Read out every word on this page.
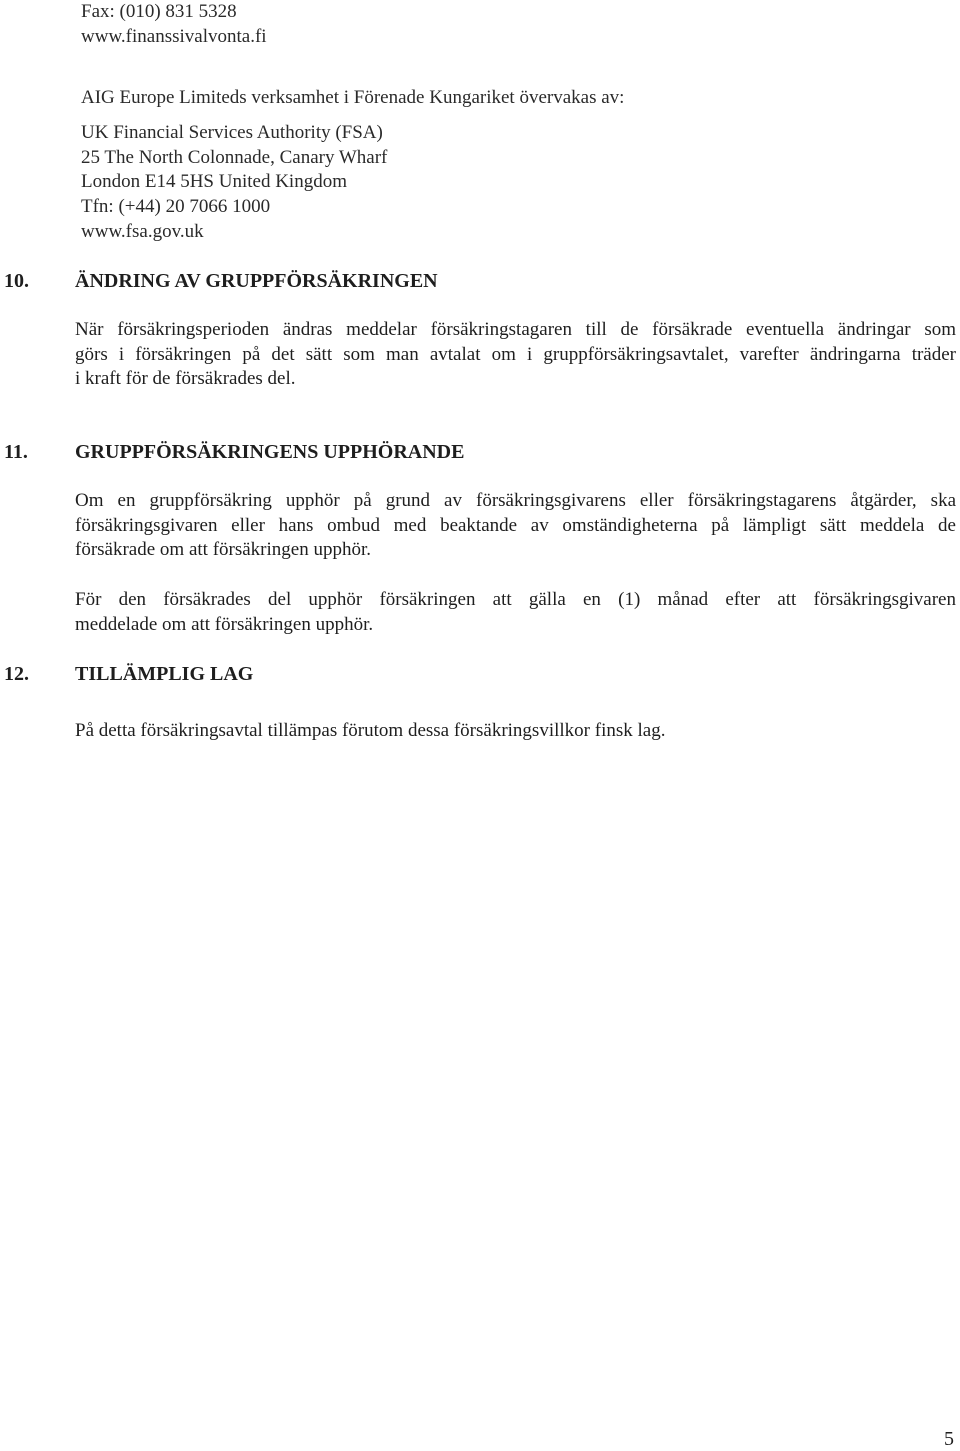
Fax: (010) 831 5328
www.finanssivalvonta.fi
AIG Europe Limiteds verksamhet i Förenade Kungariket övervakas av:
UK Financial Services Authority (FSA)
25 The North Colonnade, Canary Wharf
London E14 5HS United Kingdom
Tfn: (+44) 20 7066 1000
www.fsa.gov.uk
10. ÄNDRING AV GRUPPFÖRSÄKRINGEN
När försäkringsperioden ändras meddelar försäkringstagaren till de försäkrade eventuella ändringar som
görs i försäkringen på det sätt som man avtalat om i gruppförsäkringsavtalet, varefter ändringarna träder
i kraft för de försäkrades del.
11. GRUPPFÖRSÄKRINGENS UPPHÖRANDE
Om en gruppförsäkring upphör på grund av försäkringsgivarens eller försäkringstagarens åtgärder, ska
försäkringsgivaren eller hans ombud med beaktande av omständigheterna på lämpligt sätt meddela de
försäkrade om att försäkringen upphör.
För den försäkrades del upphör försäkringen att gälla en (1) månad efter att försäkringsgivaren
meddelade om att försäkringen upphör.
12. TILLÄMPLIG LAG
På detta försäkringsavtal tillämpas förutom dessa försäkringsvillkor finsk lag.
5
